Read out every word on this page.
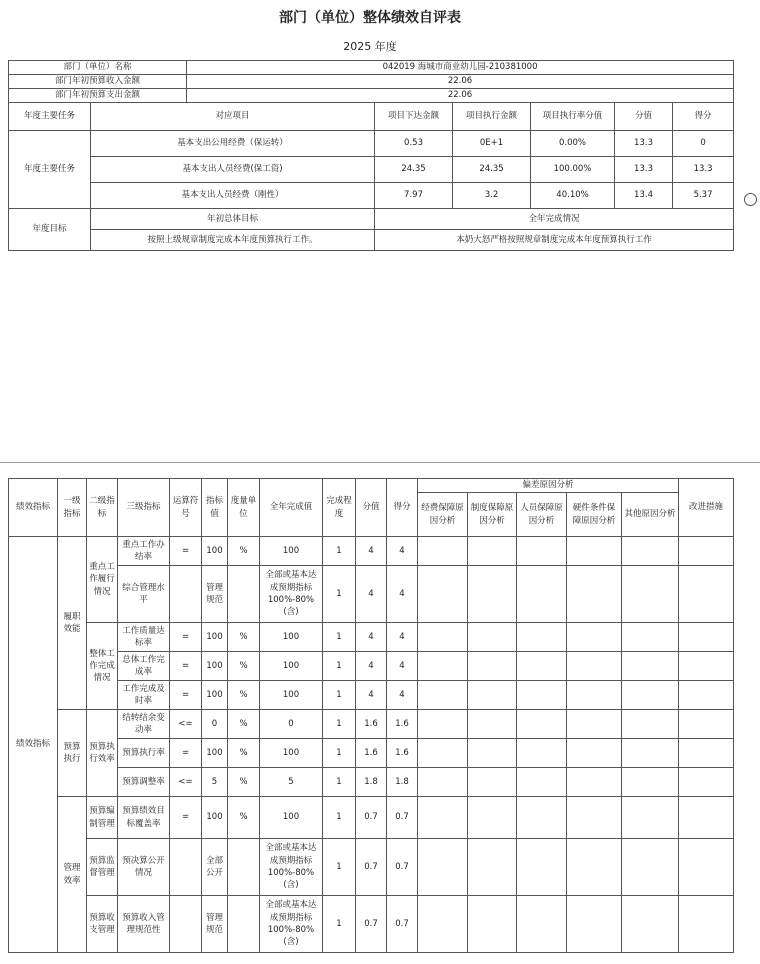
部门（单位）整体绩效自评表
2025 年度
部门（单位）名称		042019 海城市商业幼儿园-210381000					
部门年初预算收入金额		22.06					
部门年初预算支出金额		22.06					
年度主要任务	对应项目		项目下达金额	项目执行金额	项目执行率分值	分值	得分
年度主要任务	基本支出公用经费（保运转）		0.53	0E+1	0.00%	13.3	0
	基本支出人员经费(保工资)		24.35	24.35	100.00%	13.3	13.3
	基本支出人员经费（刚性）		7.97	3.2	40.10%	13.4	5.37
年度目标	年初总体目标		全年完成情况				
	按照上级规章制度完成本年度预算执行工作。		本奶大怒严格按照规章制度完成本年度预算执行工作				
绩效指标	一级指标	二级指标	三级指标	运算符号	指标值	度量单位	全年完成值	完成程度	分值	得分	偏差原因分析					改进措施
											经费保障原因分析	制度保障原因分析	人员保障原因分析	硬件条件保障原因分析	其他原因分析	
绩效指标	履职效能	重点工作履行情况	重点工作办结率	=	100	%	100	1	4	4						
			综合管理水平		管理规范		全部或基本达成预期指标 100%-80%(含)	1	4	4						
		整体工作完成情况	工作质量达标率	=	100	%	100	1	4	4						
			总体工作完成率	=	100	%	100	1	4	4						
			工作完成及时率	=	100	%	100	1	4	4						
	预算执行	预算执行效率	结转结余变动率	<=	0	%	0	1	1.6	1.6						
			预算执行率	=	100	%	100	1	1.6	1.6						
			预算调整率	<=	5	%	5	1	1.8	1.8						
	管理效率	预算编制管理	预算绩效目标覆盖率	=	100	%	100	1	0.7	0.7						
		预算监督管理	预决算公开情况		全部公开		全部或基本达成预期指标 100%-80%(含)	1	0.7	0.7						
		预算收支管理	预算收入管理规范性		管理规范		全部或基本达成预期指标 100%-80%(含)	1	0.7	0.7						
